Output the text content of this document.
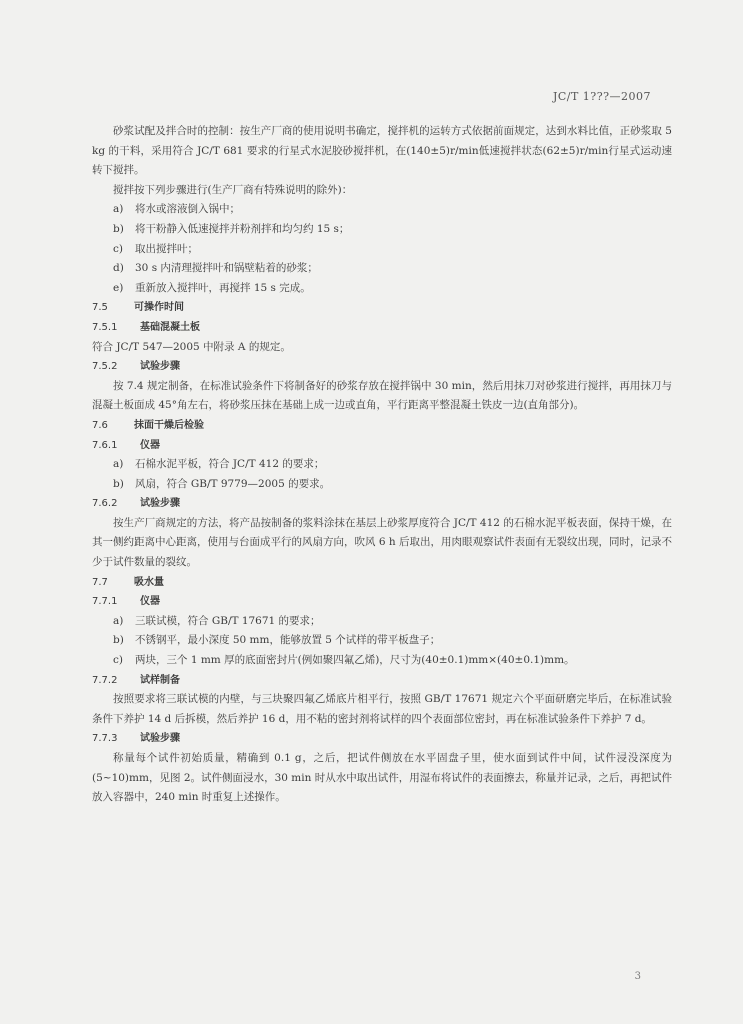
JC/T 1???—2007

砂浆试配及拌合时的控制：按生产厂商的使用说明书确定，搅拌机的运转方式依据前面规定，达到水料比值，正砂浆取 5 kg 的干料，采用符合 JC/T 681 要求的行星式水泥胶砂搅拌机，在(140±5)r/min低速搅拌状态(62±5)r/min行星式运动速转下搅拌。

搅拌按下列步骤进行(生产厂商有特殊说明的除外)：

a) 将水或溶液倒入锅中；

b) 将干粉静入低速搅拌并粉剂拌和均匀约 15 s；

c) 取出搅拌叶；

d) 30 s 内清理搅拌叶和锅壁粘着的砂浆；

e) 重新放入搅拌叶，再搅拌 15 s 完成。

7.5	可操作时间

7.5.1 基础混凝土板

符合 JC/T 547—2005 中附录 A 的规定。

7.5.2 试验步骤

按 7.4 规定制备，在标准试验条件下将制备好的砂浆存放在搅拌锅中 30 min，然后用抹刀对砂浆进行搅拌，再用抹刀与混凝土板面成 45°角左右，将砂浆压抹在基础上成一边或直角，平行距离平整混凝土铁皮一边(直角部分)。

7.6	抹面干燥后检验

7.6.1 仪器

a) 石棉水泥平板，符合 JC/T 412 的要求；

b) 风扇，符合 GB/T 9779—2005 的要求。

7.6.2 试验步骤

按生产厂商规定的方法，将产品按制备的浆料涂抹在基层上砂浆厚度符合 JC/T 412 的石棉水泥平板表面，保持干燥，在其一侧约距离中心距离，使用与台面成平行的风扇方向，吹风 6 h 后取出，用肉眼观察试件表面有无裂纹出现，同时，记录不少于试件数量的裂纹。

7.7	吸水量

7.7.1 仪器

a) 三联试模，符合 GB/T 17671 的要求；

b) 不锈钢平，最小深度 50 mm，能够放置 5 个试样的带平板盘子；

c) 两块，三个 1 mm 厚的底面密封片(例如聚四氟乙烯)，尺寸为(40±0.1)mm×(40±0.1)mm。

7.7.2 试样制备

按照要求将三联试模的内壁，与三块聚四氟乙烯底片相平行，按照 GB/T 17671 规定六个平面研磨完毕后，在标准试验条件下养护 14 d 后拆模，然后养护 16 d，用不粘的密封剂将试样的四个表面部位密封，再在标准试验条件下养护 7 d。

7.7.3 试验步骤

称量每个试件初始质量，精确到 0.1 g，之后，把试件侧放在水平固盘子里，使水面到试件中间，试件浸没深度为(5~10)mm，见图 2。试件侧面浸水，30 min 时从水中取出试件，用湿布将试件的表面擦去，称量并记录，之后，再把试件放入容器中，240 min 时重复上述操作。

3
